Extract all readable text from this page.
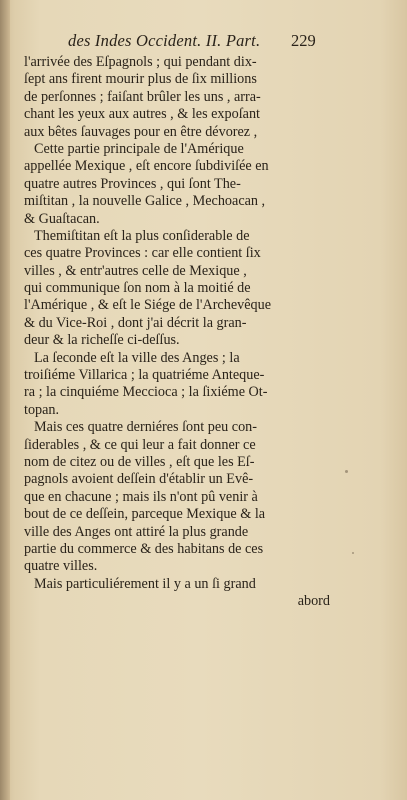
des Indes Occident. II. Part. 229
l'arrivée des Eſpagnols ; qui pendant dix-
ſept ans firent mourir plus de ſix millions
de perſonnes ; faiſant brûler les uns , arra-
chant les yeux aux autres , & les expoſant
aux bêtes ſauvages pour en être dévorez ,
Cette partie principale de l'Amérique
appellée Mexique , eſt encore ſubdiviſée en
quatre autres Provinces , qui ſont The-
miſtitan , la nouvelle Galice , Mechoacan ,
& Guaſtacan.
Themiſtitan eſt la plus conſiderable de
ces quatre Provinces : car elle contient ſix
villes , & entr'autres celle de Mexique ,
qui communique ſon nom à la moitié de
l'Amérique , & eſt le Siége de l'Archevêque
& du Vice-Roi , dont j'ai décrit la gran-
deur & la richeſſe ci-deſſus.
La ſeconde eſt la ville des Anges ; la
troiſiéme Villarica ; la quatriéme Anteque-
ra ; la cinquiéme Meccioca ; la ſixiéme Ot-
topan.
Mais ces quatre derniéres ſont peu con-
ſiderables , & ce qui leur a fait donner ce
nom de citez ou de villes , eſt que les Eſ-
pagnols avoient deſſein d'établir un Evê-
que en chacune ; mais ils n'ont pû venir à
bout de ce deſſein, parceque Mexique & la
ville des Anges ont attiré la plus grande
partie du commerce & des habitans de ces
quatre villes.
Mais particuliérement il y a un ſi grand
abord
